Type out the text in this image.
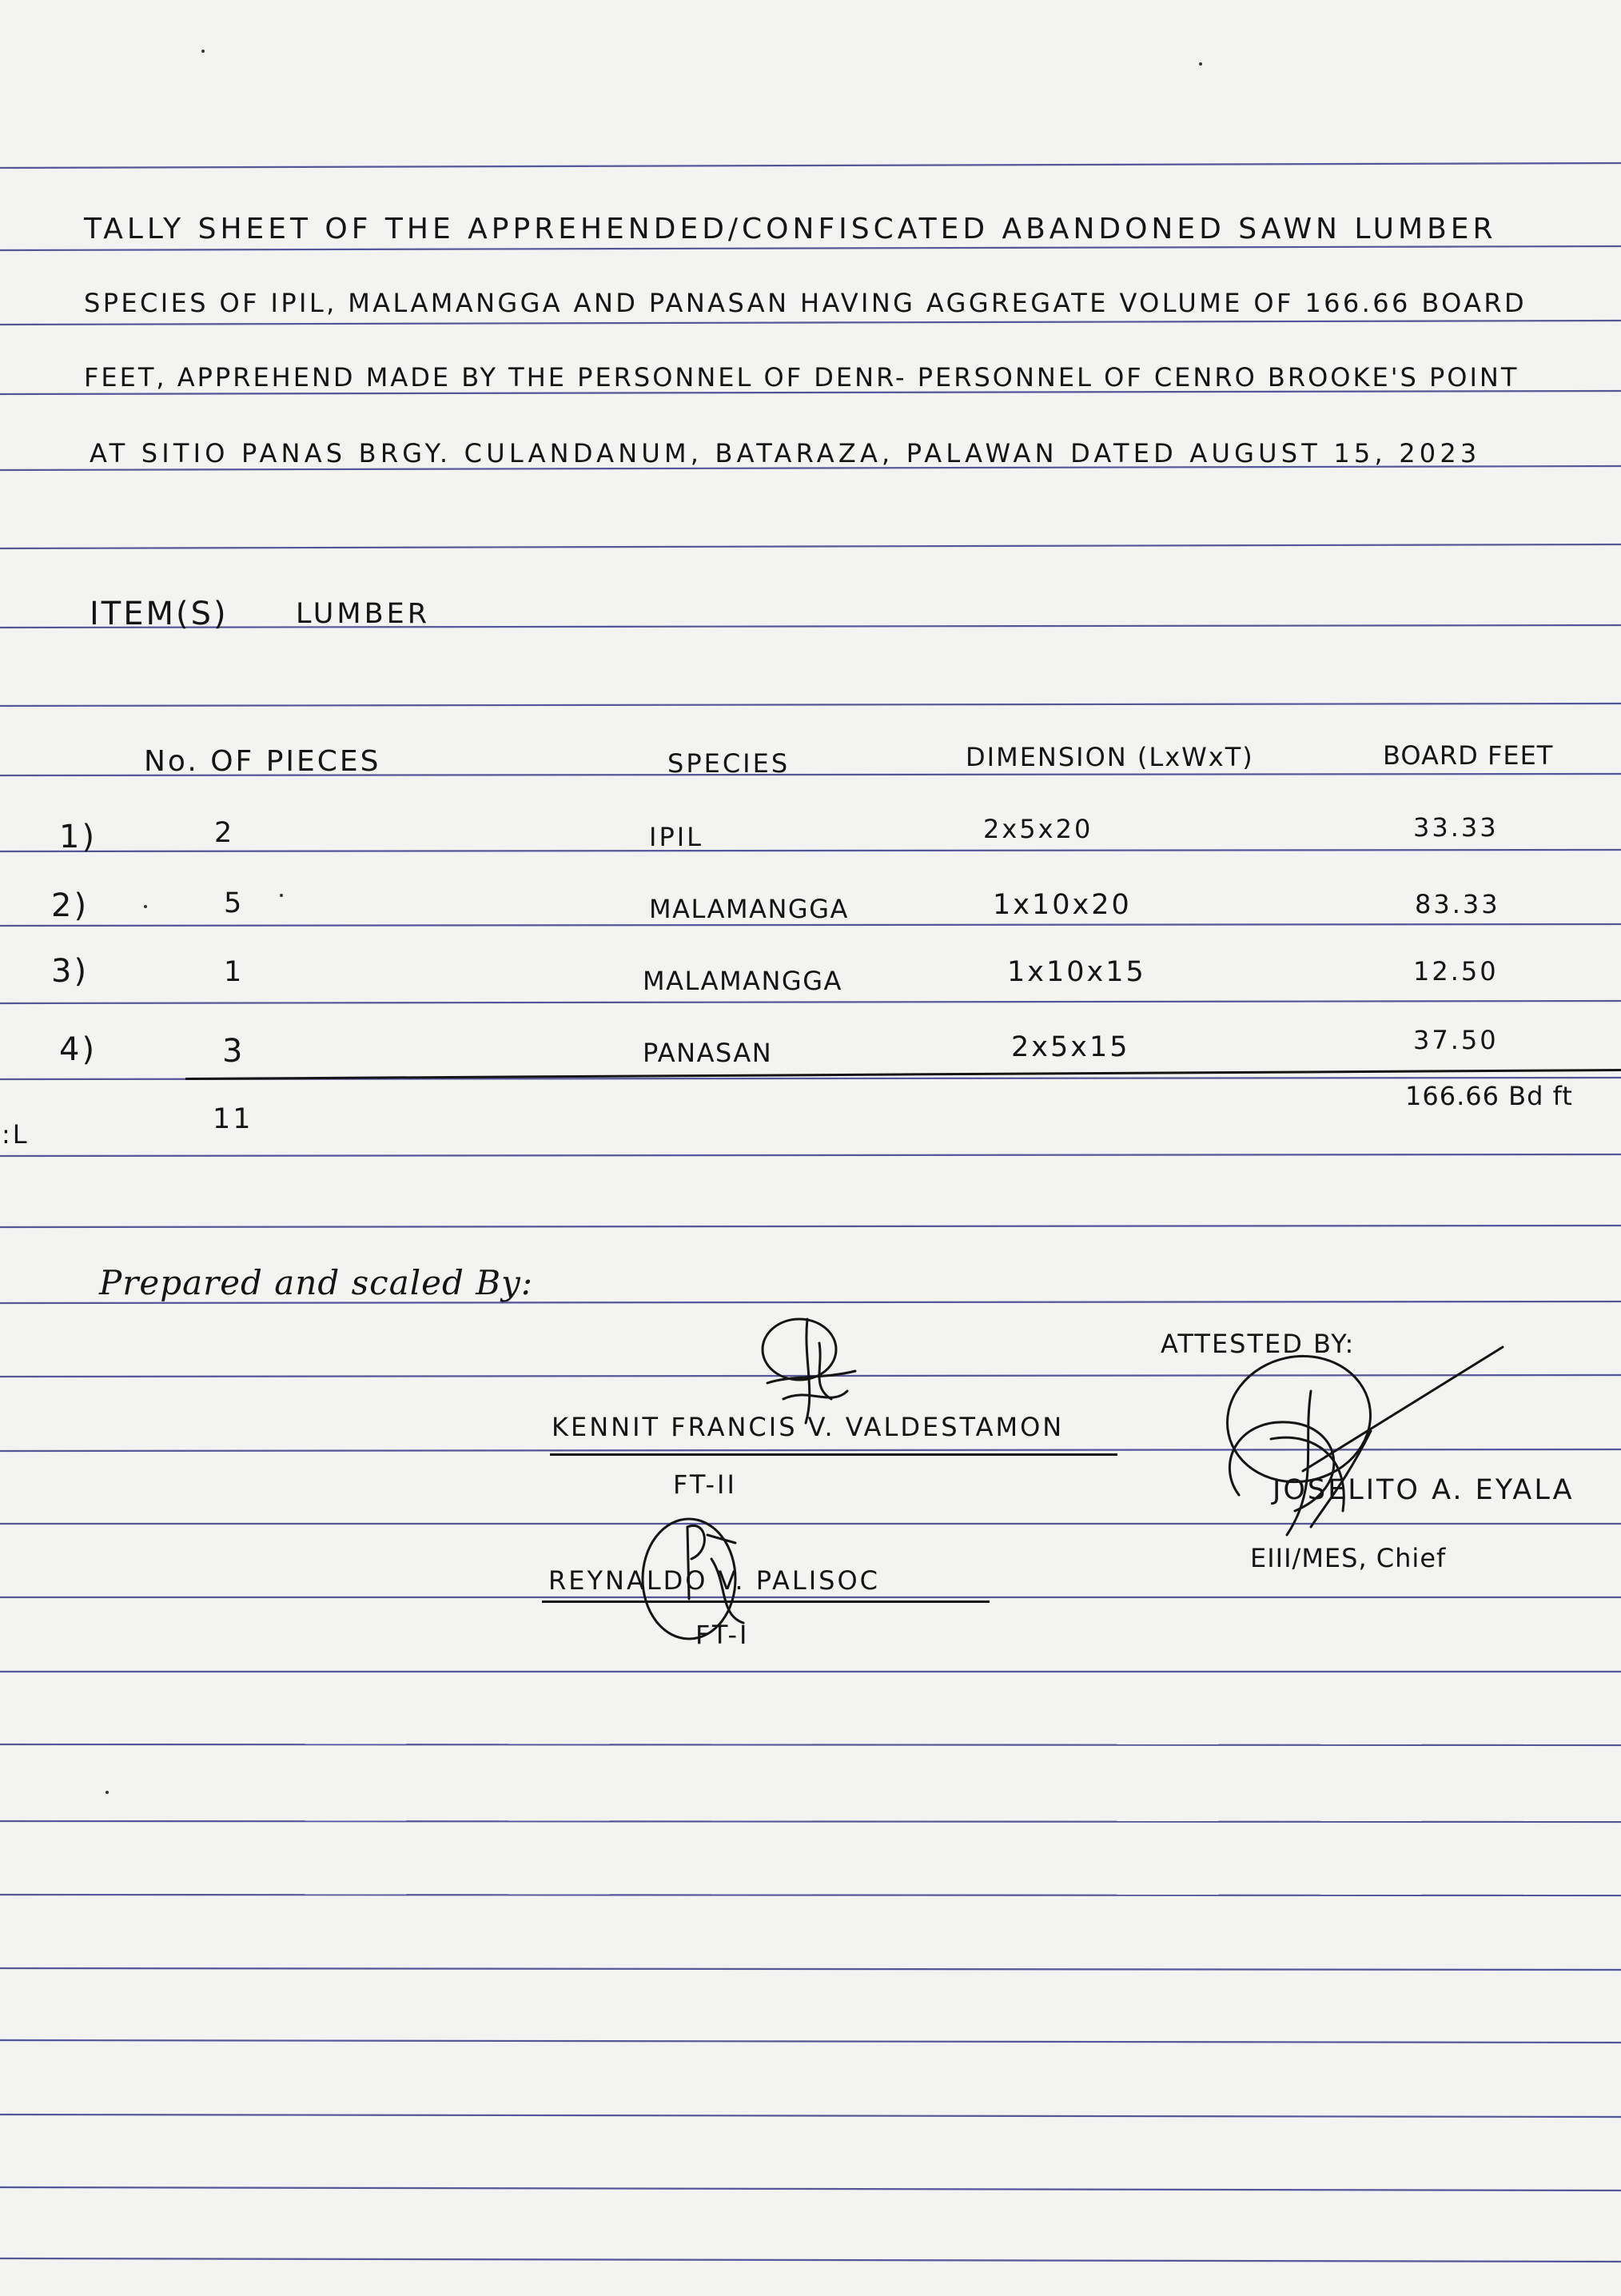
TALLY SHEET OF THE APPREHENDED/CONFISCATED ABANDONED SAWN LUMBER
SPECIES OF IPIL, MALAMANGGA AND PANASAN HAVING AGGREGATE VOLUME OF 166.66 BOARD
FEET, APPREHEND MADE BY THE PERSONNEL OF DENR- PERSONNEL OF CENRO BROOKE'S POINT
AT SITIO PANAS BRGY. CULANDANUM, BATARAZA, PALAWAN DATED AUGUST 15, 2023
ITEM(S) LUMBER
No. OF PIECES	SPECIES	DIMENSION (LxWxT)	BOARD FEET
1)	2	IPIL	2x5x20	33.33
2)	5	MALAMANGGA	1x10x20	83.33
3)	1	MALAMANGGA	1x10x15	12.50
4)	3	PANASAN	2x5x15	37.50
11
166.66 Bd ft
:L
Prepared and scaled By:
ATTESTED BY:
KENNIT FRANCIS V. VALDESTAMON
FT-II
REYNALDO V. PALISOC
FT-I
JOSELITO A. EYALA
EIII/MES, Chief
